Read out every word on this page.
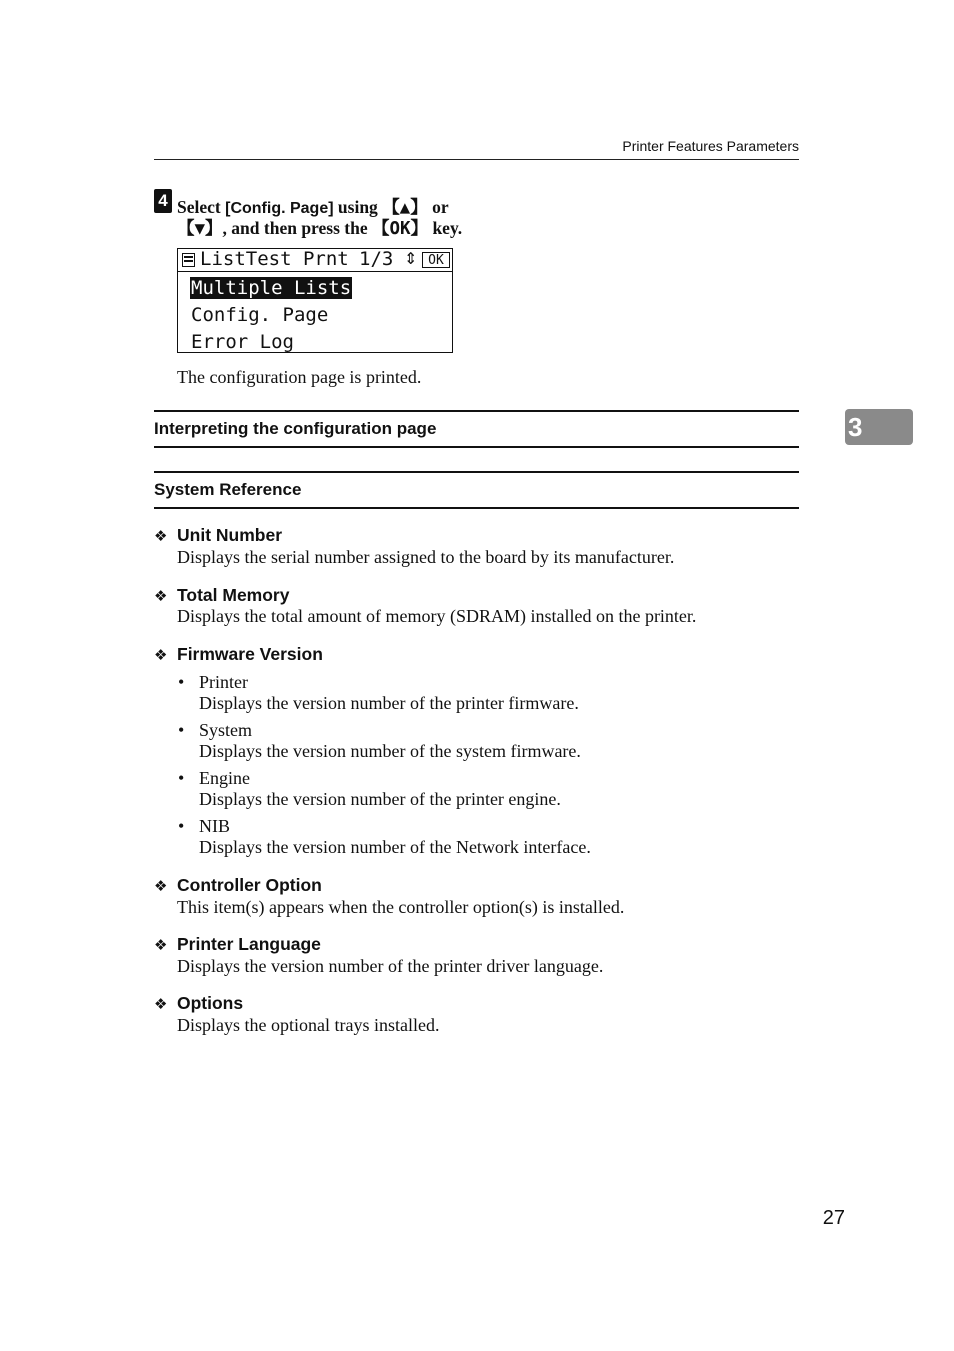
Printer Features Parameters
4 Select [Config. Page] using 【▲】 or
【▼】, and then press the 【OK】 key.
ListTest Prnt 1/3 ⇕ OK
Multiple Lists
Config. Page
Error Log
The configuration page is printed.
Interpreting the configuration page
System Reference
❖ Unit Number
Displays the serial number assigned to the board by its manufacturer.
❖ Total Memory
Displays the total amount of memory (SDRAM) installed on the printer.
❖ Firmware Version
• Printer
Displays the version number of the printer firmware.
• System
Displays the version number of the system firmware.
• Engine
Displays the version number of the printer engine.
• NIB
Displays the version number of the Network interface.
❖ Controller Option
This item(s) appears when the controller option(s) is installed.
❖ Printer Language
Displays the version number of the printer driver language.
❖ Options
Displays the optional trays installed.
3
27
